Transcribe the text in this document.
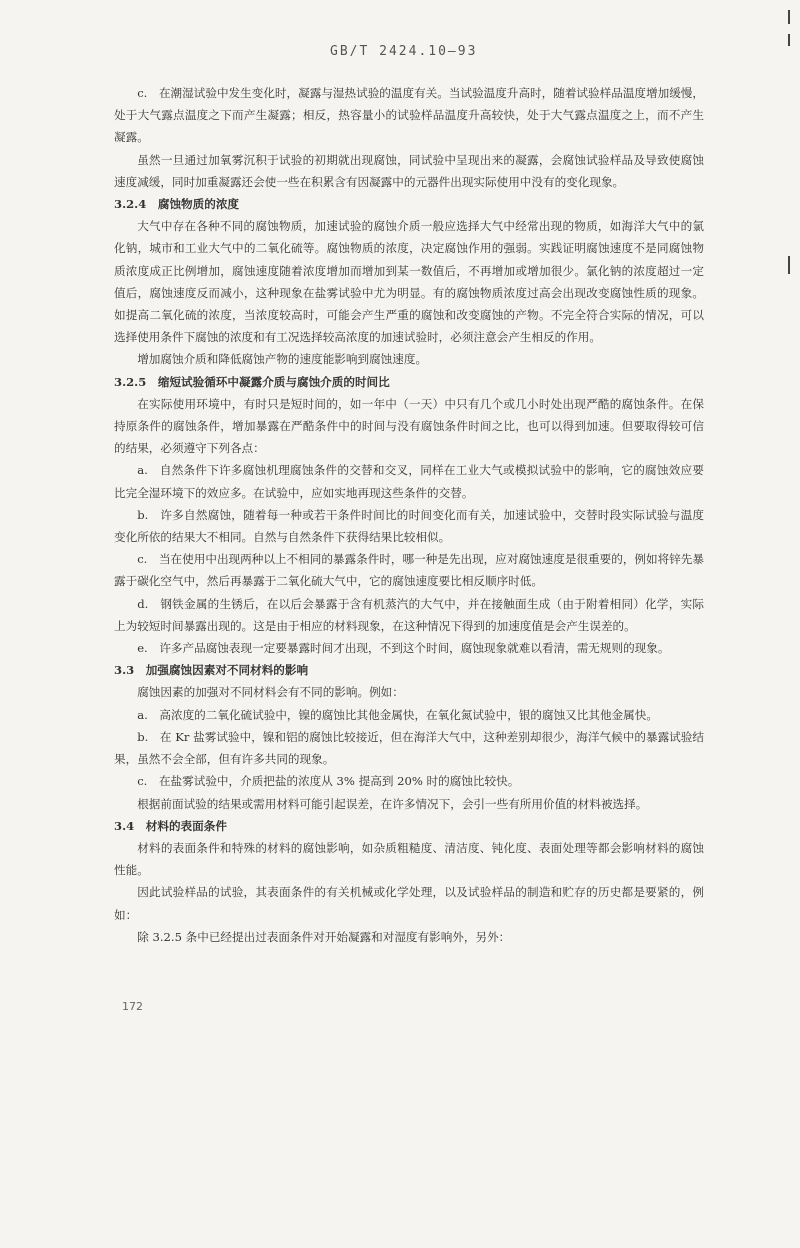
GB/T 2424.10—93

c.　在潮湿试验中发生变化时，凝露与湿热试验的温度有关。当试验温度升高时，随着试验样品温度增加缓慢，处于大气露点温度之下而产生凝露；相反，热容量小的试验样品温度升高较快，处于大气露点温度之上，而不产生凝露。

虽然一旦通过加氧雾沉积于试验的初期就出现腐蚀，同试验中呈现出来的凝露，会腐蚀试验样品及导致使腐蚀速度减缓，同时加重凝露还会使一些在积累含有因凝露中的元器件出现实际使用中没有的变化现象。

3.2.4　腐蚀物质的浓度

大气中存在各种不同的腐蚀物质，加速试验的腐蚀介质一般应选择大气中经常出现的物质，如海洋大气中的氯化钠，城市和工业大气中的二氧化硫等。腐蚀物质的浓度，决定腐蚀作用的强弱。实践证明腐蚀速度不是同腐蚀物质浓度成正比例增加，腐蚀速度随着浓度增加而增加到某一数值后，不再增加或增加很少。氯化钠的浓度超过一定值后，腐蚀速度反而减小，这种现象在盐雾试验中尤为明显。有的腐蚀物质浓度过高会出现改变腐蚀性质的现象。如提高二氧化硫的浓度，当浓度较高时，可能会产生严重的腐蚀和改变腐蚀的产物。不完全符合实际的情况，可以选择使用条件下腐蚀的浓度和有工况选择较高浓度的加速试验时，必须注意会产生相反的作用。

增加腐蚀介质和降低腐蚀产物的速度能影响到腐蚀速度。

3.2.5　缩短试验循环中凝露介质与腐蚀介质的时间比

在实际使用环境中，有时只是短时间的，如一年中（一天）中只有几个或几小时处出现严酷的腐蚀条件。在保持原条件的腐蚀条件，增加暴露在严酷条件中的时间与没有腐蚀条件时间之比，也可以得到加速。但要取得较可信的结果，必须遵守下列各点：

a.　自然条件下许多腐蚀机理腐蚀条件的交替和交叉，同样在工业大气或模拟试验中的影响，它的腐蚀效应要比完全湿环境下的效应多。在试验中，应如实地再现这些条件的交替。

b.　许多自然腐蚀，随着每一种或若干条件时间比的时间变化而有关，加速试验中，交替时段实际试验与温度变化所依的结果大不相同。自然与自然条件下获得结果比较相似。

c.　当在使用中出现两种以上不相同的暴露条件时，哪一种是先出现，应对腐蚀速度是很重要的，例如将锌先暴露于碳化空气中，然后再暴露于二氧化硫大气中，它的腐蚀速度要比相反顺序时低。

d.　钢铁金属的生锈后，在以后会暴露于含有机蒸汽的大气中，并在接触面生成（由于附着相同）化学，实际上为较短时间暴露出现的。这是由于相应的材料现象，在这种情况下得到的加速度值是会产生误差的。

e.　许多产品腐蚀表现一定要暴露时间才出现，不到这个时间，腐蚀现象就难以看清，需无规则的现象。

3.3　加强腐蚀因素对不同材料的影响

腐蚀因素的加强对不同材料会有不同的影响。例如：

a.　高浓度的二氧化硫试验中，镍的腐蚀比其他金属快，在氧化氮试验中，银的腐蚀又比其他金属快。

b.　在 Kr 盐雾试验中，镍和铝的腐蚀比较接近，但在海洋大气中，这种差别却很少，海洋气候中的暴露试验结果，虽然不会全部，但有许多共同的现象。

c.　在盐雾试验中，介质把盐的浓度从 3% 提高到 20% 时的腐蚀比较快。

根据前面试验的结果或需用材料可能引起误差，在许多情况下，会引一些有所用价值的材料被选择。

3.4　材料的表面条件

材料的表面条件和特殊的材料的腐蚀影响，如杂质粗糙度、清洁度、钝化度、表面处理等都会影响材料的腐蚀性能。

因此试验样品的试验，其表面条件的有关机械或化学处理，以及试验样品的制造和贮存的历史都是要紧的，例如：

除 3.2.5 条中已经提出过表面条件对开始凝露和对湿度有影响外，另外：

172
